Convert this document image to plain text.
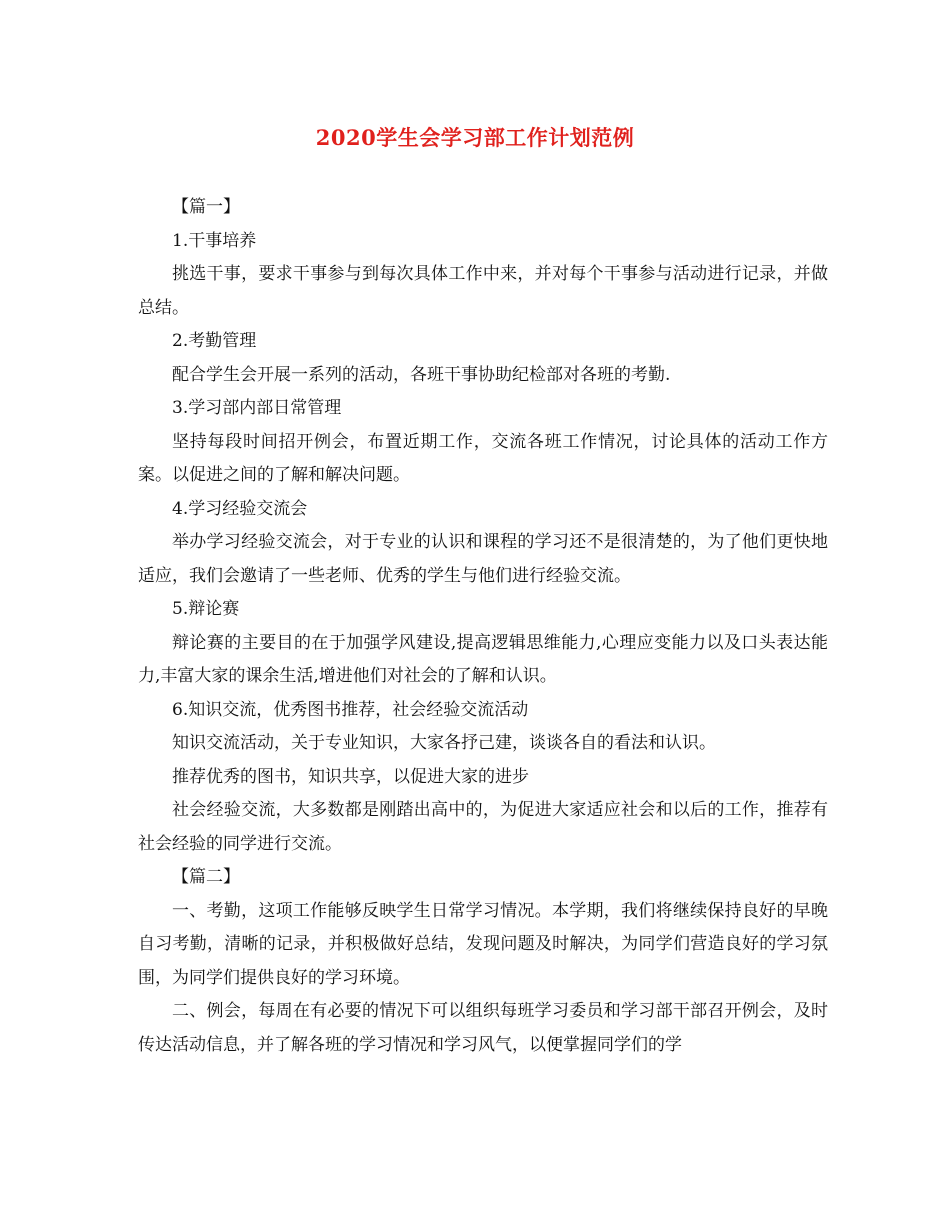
2020学生会学习部工作计划范例

【篇一】

1.干事培养

挑选干事，要求干事参与到每次具体工作中来，并对每个干事参与活动进行记录，并做总结。

2.考勤管理

配合学生会开展一系列的活动，各班干事协助纪检部对各班的考勤.

3.学习部内部日常管理

坚持每段时间招开例会，布置近期工作，交流各班工作情况，讨论具体的活动工作方案。以促进之间的了解和解决问题。

4.学习经验交流会

举办学习经验交流会，对于专业的认识和课程的学习还不是很清楚的，为了他们更快地适应，我们会邀请了一些老师、优秀的学生与他们进行经验交流。

5.辩论赛

辩论赛的主要目的在于加强学风建设,提高逻辑思维能力,心理应变能力以及口头表达能力,丰富大家的课余生活,增进他们对社会的了解和认识。

6.知识交流，优秀图书推荐，社会经验交流活动

知识交流活动，关于专业知识，大家各抒己建，谈谈各自的看法和认识。

推荐优秀的图书，知识共享，以促进大家的进步

社会经验交流，大多数都是刚踏出高中的，为促进大家适应社会和以后的工作，推荐有社会经验的同学进行交流。

【篇二】

一、考勤，这项工作能够反映学生日常学习情况。本学期，我们将继续保持良好的早晚自习考勤，清晰的记录，并积极做好总结，发现问题及时解决，为同学们营造良好的学习氛围，为同学们提供良好的学习环境。

二、例会，每周在有必要的情况下可以组织每班学习委员和学习部干部召开例会，及时传达活动信息，并了解各班的学习情况和学习风气，以便掌握同学们的学
